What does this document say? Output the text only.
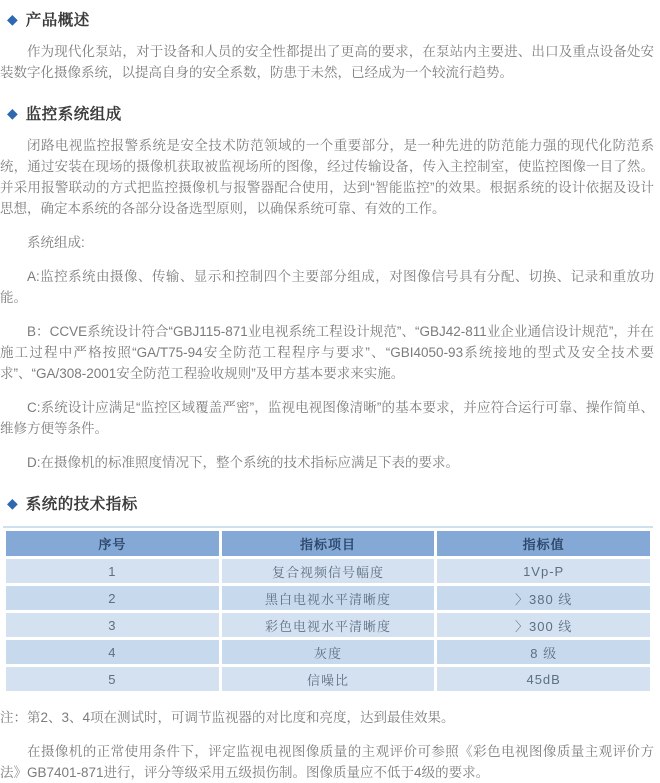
◆ 产品概述

作为现代化泵站，对于设备和人员的安全性都提出了更高的要求，在泵站内主要进、出口及重点设备处安装数字化摄像系统，以提高自身的安全系数，防患于未然，已经成为一个较流行趋势。

◆ 监控系统组成

闭路电视监控报警系统是安全技术防范领域的一个重要部分，是一种先进的防范能力强的现代化防范系统，通过安装在现场的摄像机获取被监视场所的图像，经过传输设备，传入主控制室，使监控图像一目了然。并采用报警联动的方式把监控摄像机与报警器配合使用，达到“智能监控”的效果。根据系统的设计依据及设计思想，确定本系统的各部分设备选型原则，以确保系统可靠、有效的工作。

系统组成:

A:监控系统由摄像、传输、显示和控制四个主要部分组成，对图像信号具有分配、切换、记录和重放功能。

B：CCVE系统设计符合“GBJ115-871业电视系统工程设计规范”、“GBJ42-811业企业通信设计规范”，并在施工过程中严格按照“GA/T75-94安全防范工程程序与要求”、“GBI4050-93系统接地的型式及安全技术要求”、“GA/308-2001安全防范工程验收规则”及甲方基本要求来实施。

C:系统设计应满足“监控区域覆盖严密”，监视电视图像清晰”的基本要求，并应符合运行可靠、操作简单、维修方便等条件。

D:在摄像机的标准照度情况下，整个系统的技术指标应满足下表的要求。

◆ 系统的技术指标
序号	指标项目	指标值
1	复合视频信号幅度	1Vp-P
2	黑白电视水平清晰度	〉380 线
3	彩色电视水平清晰度	〉300 线
4	灰度	8 级
5	信噪比	45dB

注：第2、3、4项在测试时，可调节监视器的对比度和亮度，达到最佳效果。

在摄像机的正常使用条件下，评定监视电视图像质量的主观评价可参照《彩色电视图像质量主观评价方法》GB7401-871进行，评分等级采用五级损伤制。图像质量应不低于4级的要求。
